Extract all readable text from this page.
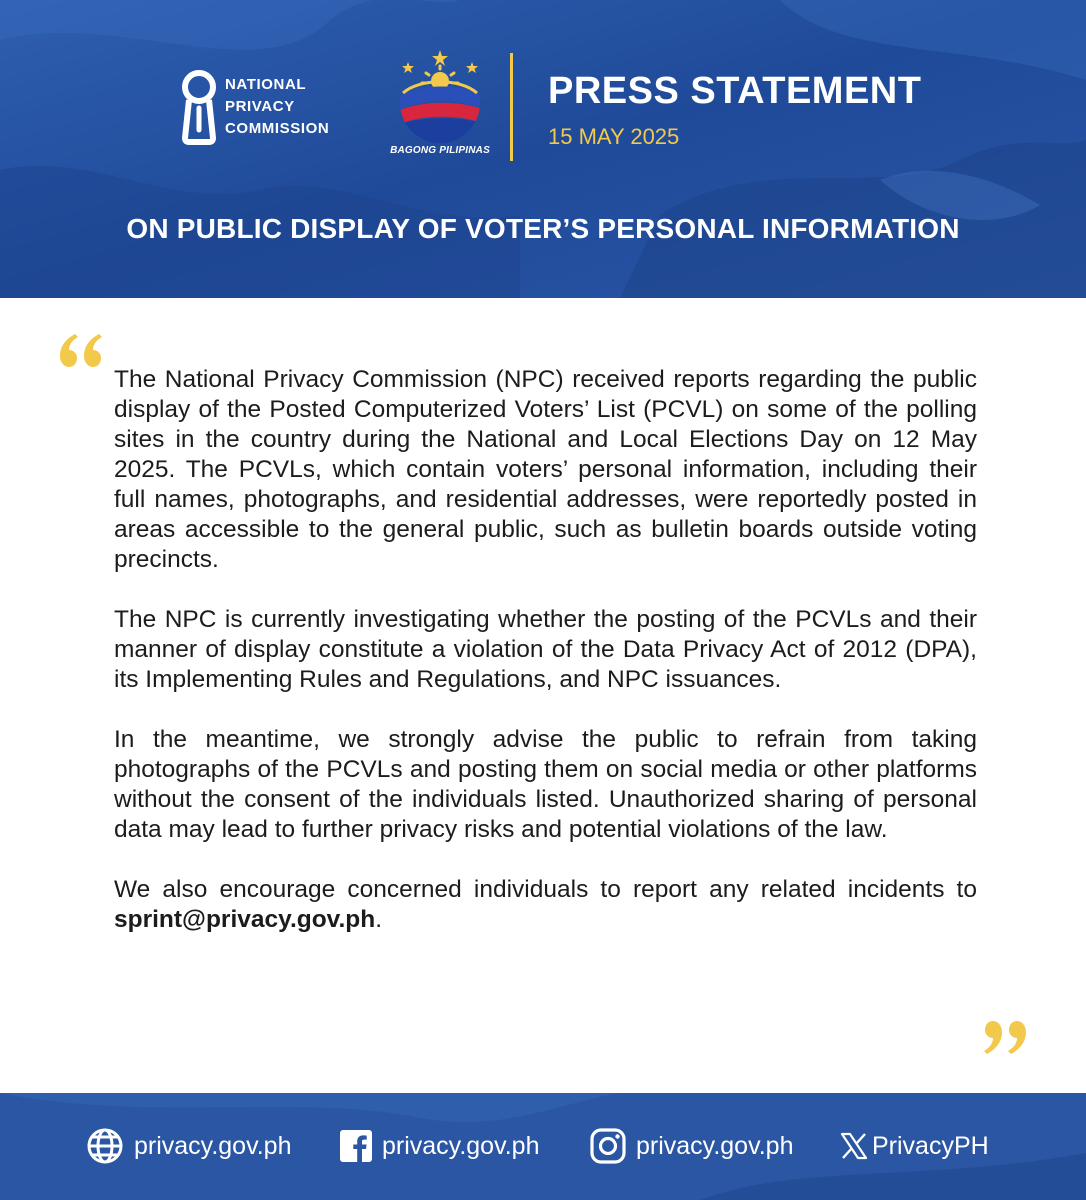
NATIONAL
PRIVACY
COMMISSION
BAGONG PILIPINAS
PRESS STATEMENT
15 MAY 2025
ON PUBLIC DISPLAY OF VOTER’S PERSONAL INFORMATION

The National Privacy Commission (NPC) received reports regarding the public display of the Posted Computerized Voters’ List (PCVL) on some of the polling sites in the country during the National and Local Elections Day on 12 May 2025. The PCVLs, which contain voters’ personal information, including their full names, photographs, and residential addresses, were reportedly posted in areas accessible to the general public, such as bulletin boards outside voting precincts.

The NPC is currently investigating whether the posting of the PCVLs and their manner of display constitute a violation of the Data Privacy Act of 2012 (DPA), its Implementing Rules and Regulations, and NPC issuances.

In the meantime, we strongly advise the public to refrain from taking photographs of the PCVLs and posting them on social media or other platforms without the consent of the individuals listed. Unauthorized sharing of personal data may lead to further privacy risks and potential violations of the law.

We also encourage concerned individuals to report any related incidents to sprint@privacy.gov.ph.

privacy.gov.ph	privacy.gov.ph	privacy.gov.ph	PrivacyPH
